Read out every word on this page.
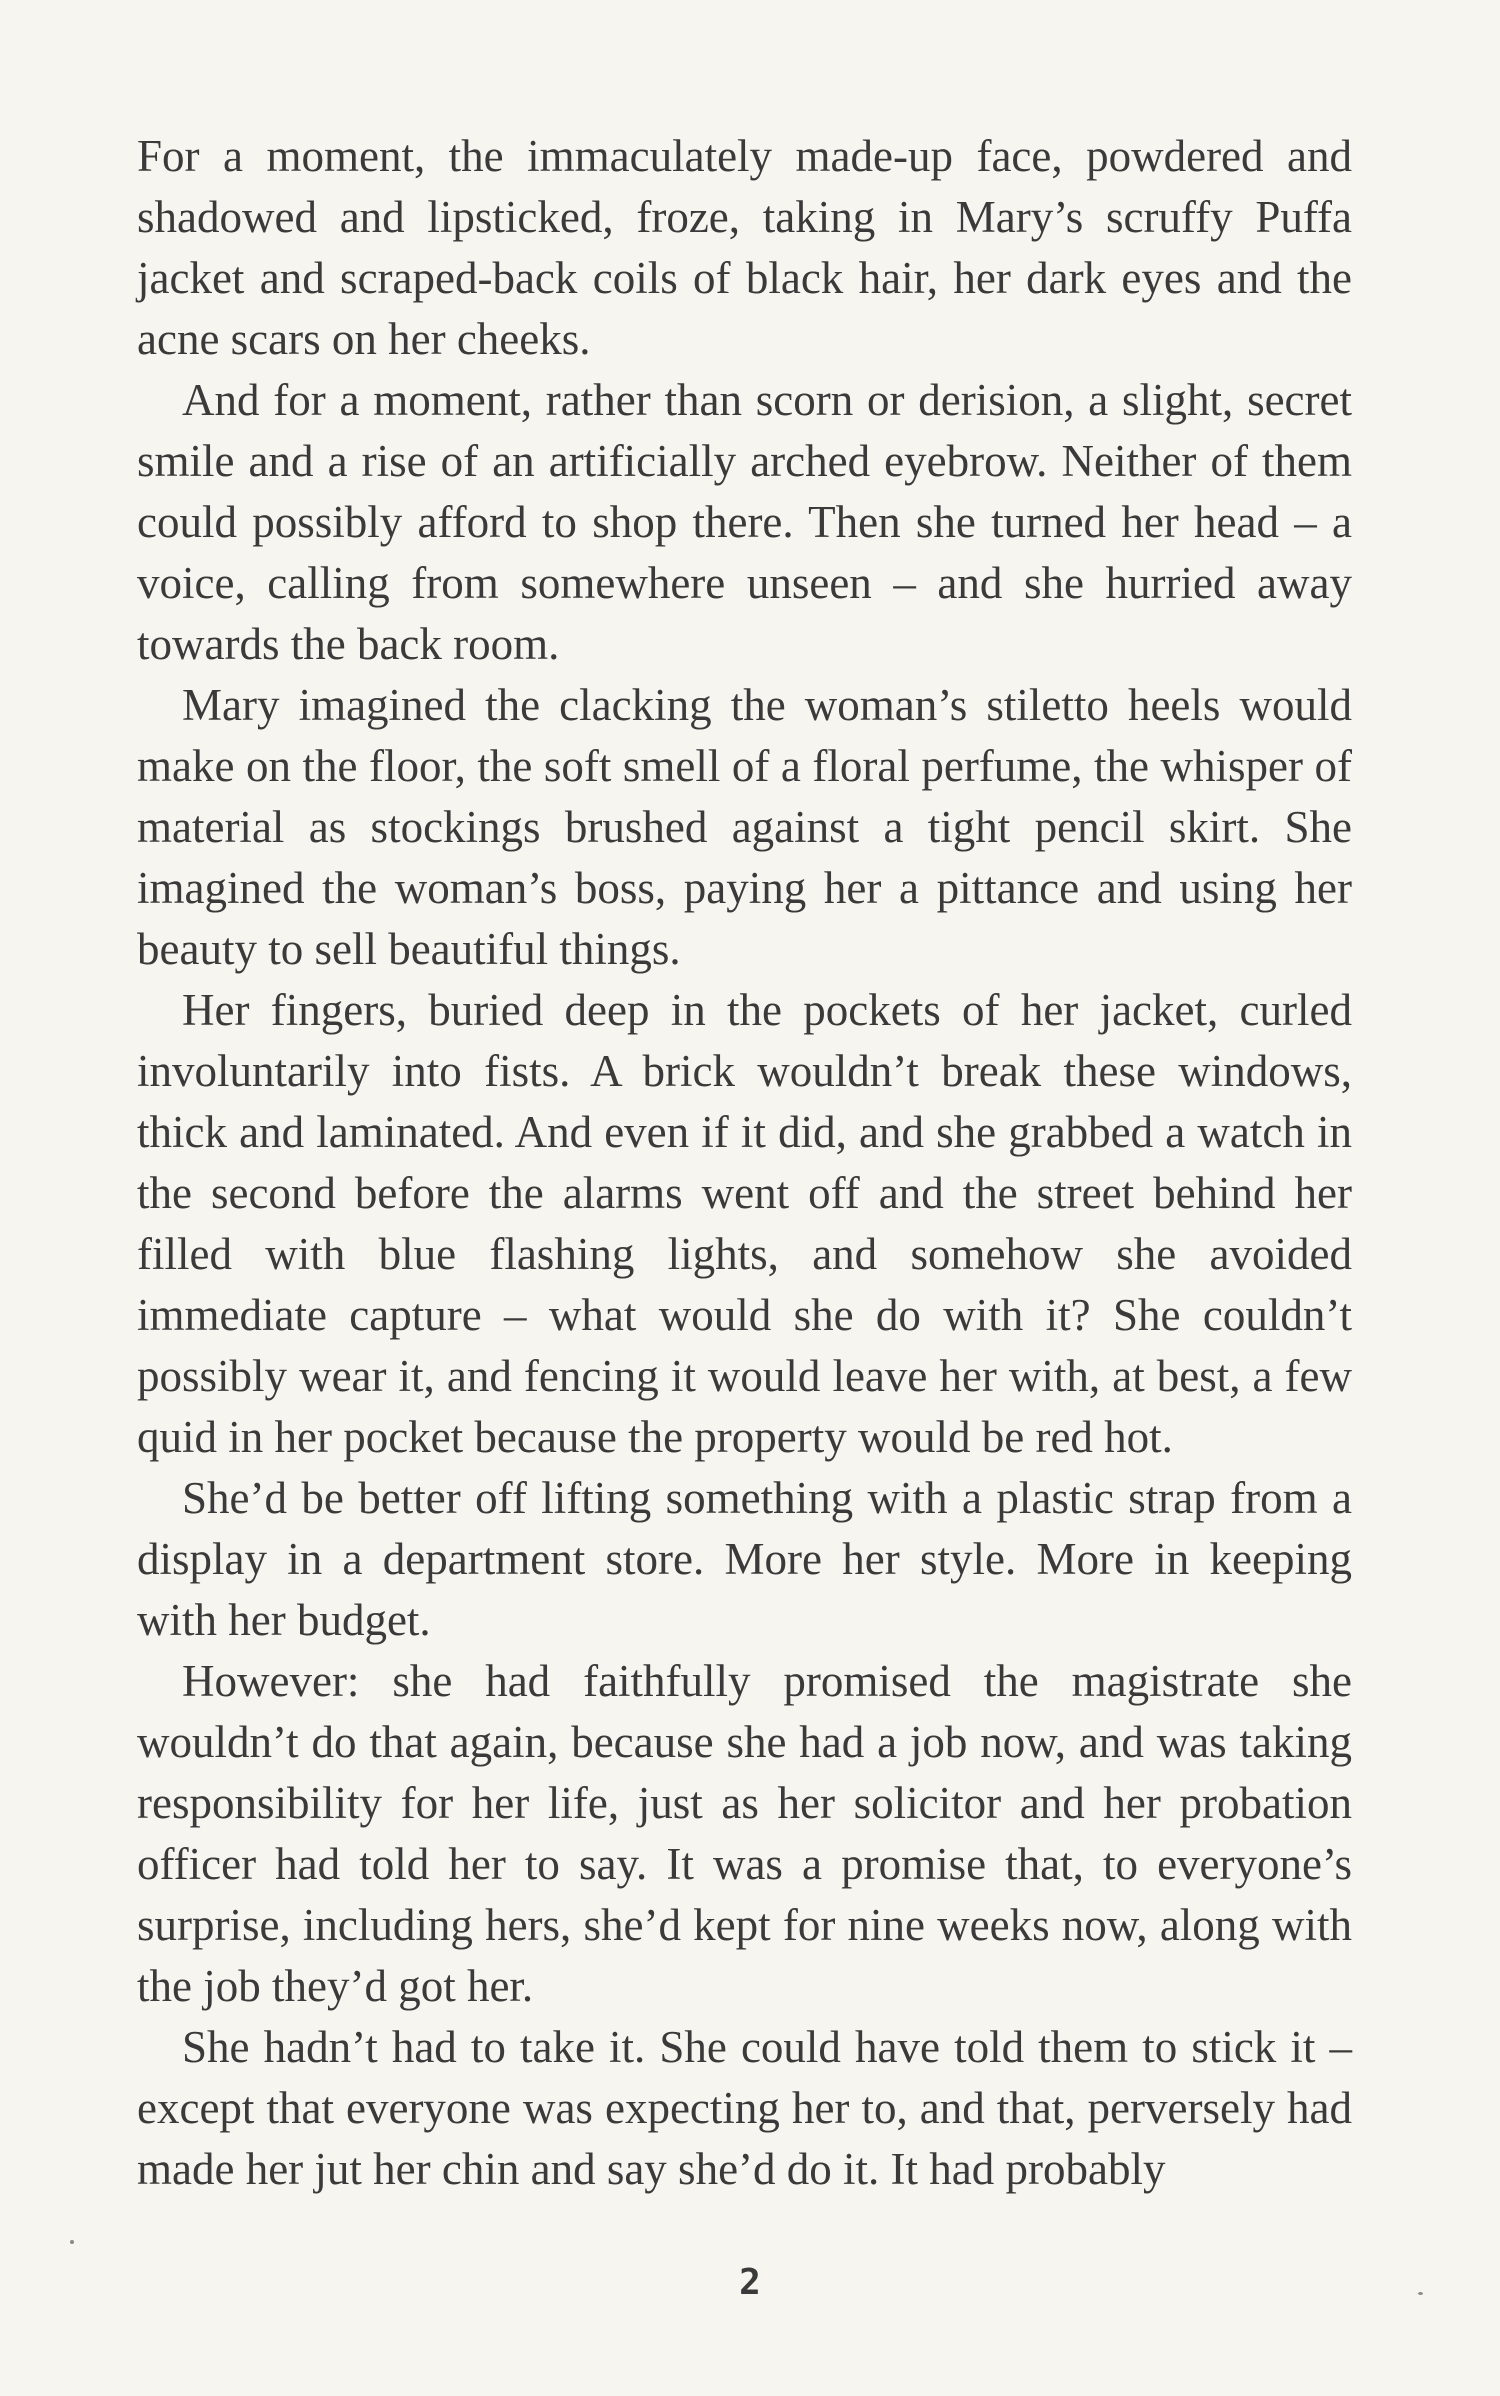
For a moment, the immaculately made-up face, powdered and shadowed and lipsticked, froze, taking in Mary’s scruffy Puffa jacket and scraped-back coils of black hair, her dark eyes and the acne scars on her cheeks.

And for a moment, rather than scorn or derision, a slight, secret smile and a rise of an artificially arched eyebrow. Neither of them could possibly afford to shop there. Then she turned her head – a voice, calling from somewhere unseen – and she hurried away towards the back room.

Mary imagined the clacking the woman’s stiletto heels would make on the floor, the soft smell of a floral perfume, the whisper of material as stockings brushed against a tight pencil skirt. She imagined the woman’s boss, paying her a pittance and using her beauty to sell beautiful things.

Her fingers, buried deep in the pockets of her jacket, curled involuntarily into fists. A brick wouldn’t break these windows, thick and laminated. And even if it did, and she grabbed a watch in the second before the alarms went off and the street behind her filled with blue flashing lights, and somehow she avoided immediate capture – what would she do with it? She couldn’t possibly wear it, and fencing it would leave her with, at best, a few quid in her pocket because the property would be red hot.

She’d be better off lifting something with a plastic strap from a display in a department store. More her style. More in keeping with her budget.

However: she had faithfully promised the magistrate she wouldn’t do that again, because she had a job now, and was taking responsibility for her life, just as her solicitor and her probation officer had told her to say. It was a promise that, to everyone’s surprise, including hers, she’d kept for nine weeks now, along with the job they’d got her.

She hadn’t had to take it. She could have told them to stick it – except that everyone was expecting her to, and that, perversely had made her jut her chin and say she’d do it. It had probably

2
